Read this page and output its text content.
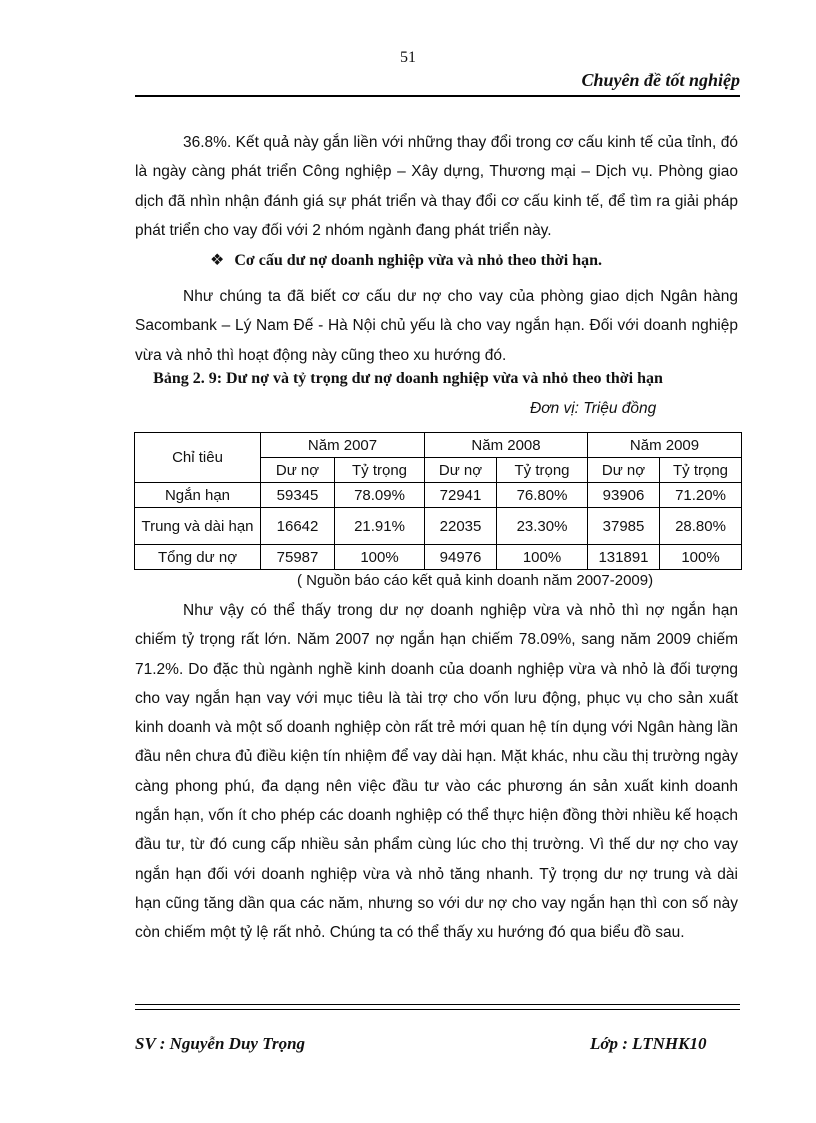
51
Chuyên đề tốt nghiệp

36.8%. Kết quả này gắn liền với những thay đổi trong cơ cấu kinh tế của tỉnh, đó là ngày càng phát triển Công nghiệp – Xây dựng, Thương mại – Dịch vụ. Phòng giao dịch đã nhìn nhận đánh giá sự phát triển và thay đổi cơ cấu kinh tế, để tìm ra giải pháp phát triển cho vay đối với 2 nhóm ngành đang phát triển này.

❖ Cơ cấu dư nợ doanh nghiệp vừa và nhỏ theo thời hạn.

Như chúng ta đã biết cơ cấu dư nợ cho vay của phòng giao dịch Ngân hàng Sacombank – Lý Nam Đế - Hà Nội chủ yếu là cho vay ngắn hạn. Đối với doanh nghiệp vừa và nhỏ thì hoạt động này cũng theo xu hướng đó.

Bảng 2. 9: Dư nợ và tỷ trọng dư nợ doanh nghiệp vừa và nhỏ theo thời hạn
Đơn vị: Triệu đồng
Chỉ tiêu	Năm 2007		Năm 2008		Năm 2009	
	Dư nợ	Tỷ trọng	Dư nợ	Tỷ trọng	Dư nợ	Tỷ trọng
Ngắn hạn	59345	78.09%	72941	76.80%	93906	71.20%
Trung và dài hạn	16642	21.91%	22035	23.30%	37985	28.80%
Tổng dư nợ	75987	100%	94976	100%	131891	100%
( Nguồn báo cáo kết quả kinh doanh năm 2007-2009)

Như vậy có thể thấy trong dư nợ doanh nghiệp vừa và nhỏ thì nợ ngắn hạn chiếm tỷ trọng rất lớn. Năm 2007 nợ ngắn hạn chiếm 78.09%, sang năm 2009 chiếm 71.2%. Do đặc thù ngành nghề kinh doanh của doanh nghiệp vừa và nhỏ là đối tượng cho vay ngắn hạn vay với mục tiêu là tài trợ cho vốn lưu động, phục vụ cho sản xuất kinh doanh và một số doanh nghiệp còn rất trẻ mới quan hệ tín dụng với Ngân hàng lần đầu nên chưa đủ điều kiện tín nhiệm để vay dài hạn. Mặt khác, nhu cầu thị trường ngày càng phong phú, đa dạng nên việc đầu tư vào các phương án sản xuất kinh doanh ngắn hạn, vốn ít cho phép các doanh nghiệp có thể thực hiện đồng thời nhiều kế hoạch đầu tư, từ đó cung cấp nhiều sản phẩm cùng lúc cho thị trường. Vì thế dư nợ cho vay ngắn hạn đối với doanh nghiệp vừa và nhỏ tăng nhanh. Tỷ trọng dư nợ trung và dài hạn cũng tăng dần qua các năm, nhưng so với dư nợ cho vay ngắn hạn thì con số này còn chiếm một tỷ lệ rất nhỏ. Chúng ta có thể thấy xu hướng đó qua biểu đồ sau.

SV : Nguyễn Duy Trọng	Lớp : LTNHK10
